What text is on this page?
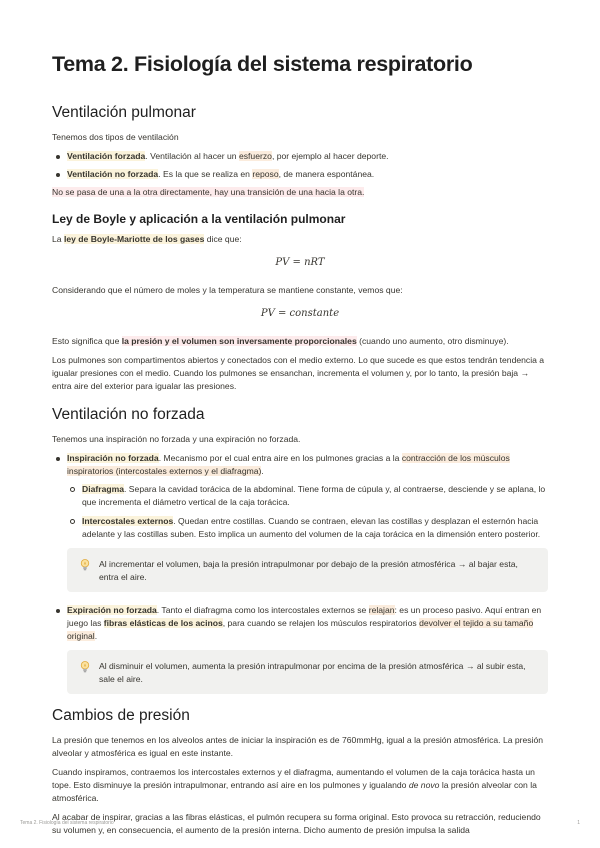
Tema 2. Fisiología del sistema respiratorio
Ventilación pulmonar

Tenemos dos tipos de ventilación

Ventilación forzada. Ventilación al hacer un esfuerzo, por ejemplo al hacer deporte.
Ventilación no forzada. Es la que se realiza en reposo, de manera espontánea.

No se pasa de una a la otra directamente, hay una transición de una hacia la otra.

Ley de Boyle y aplicación a la ventilación pulmonar

La ley de Boyle-Mariotte de los gases dice que:

PV = nRT

Considerando que el número de moles y la temperatura se mantiene constante, vemos que:

PV = constante

Esto significa que la presión y el volumen son inversamente proporcionales (cuando uno aumento, otro disminuye).

Los pulmones son compartimentos abiertos y conectados con el medio externo. Lo que sucede es que estos tendrán tendencia a igualar presiones con el medio. Cuando los pulmones se ensanchan, incrementa el volumen y, por lo tanto, la presión baja → entra aire del exterior para igualar las presiones.

Ventilación no forzada

Tenemos una inspiración no forzada y una expiración no forzada.

Inspiración no forzada. Mecanismo por el cual entra aire en los pulmones gracias a la contracción de los músculos inspiratorios (intercostales externos y el diafragma).
Diafragma. Separa la cavidad torácica de la abdominal. Tiene forma de cúpula y, al contraerse, desciende y se aplana, lo que incrementa el diámetro vertical de la caja torácica.
Intercostales externos. Quedan entre costillas. Cuando se contraen, elevan las costillas y desplazan el esternón hacia adelante y las costillas suben. Esto implica un aumento del volumen de la caja torácica en la dimensión entero posterior.
Al incrementar el volumen, baja la presión intrapulmonar por debajo de la presión atmosférica → al bajar esta, entra el aire.
Expiración no forzada. Tanto el diafragma como los intercostales externos se relajan: es un proceso pasivo. Aquí entran en juego las fibras elásticas de los acinos, para cuando se relajen los músculos respiratorios devolver el tejido a su tamaño original.
Al disminuir el volumen, aumenta la presión intrapulmonar por encima de la presión atmosférica → al subir esta, sale el aire.
Cambios de presión

La presión que tenemos en los alveolos antes de iniciar la inspiración es de 760mmHg, igual a la presión atmosférica. La presión alveolar y atmosférica es igual en este instante.

Cuando inspiramos, contraemos los intercostales externos y el diafragma, aumentando el volumen de la caja torácica hasta un tope. Esto disminuye la presión intrapulmonar, entrando así aire en los pulmones y igualando de novo la presión alveolar con la atmosférica.

Al acabar de inspirar, gracias a las fibras elásticas, el pulmón recupera su forma original. Esto provoca su retracción, reduciendo su volumen y, en consecuencia, el aumento de la presión interna. Dicho aumento de presión impulsa la salida

Tema 2. Fisiología del sistema respiratorio	1
